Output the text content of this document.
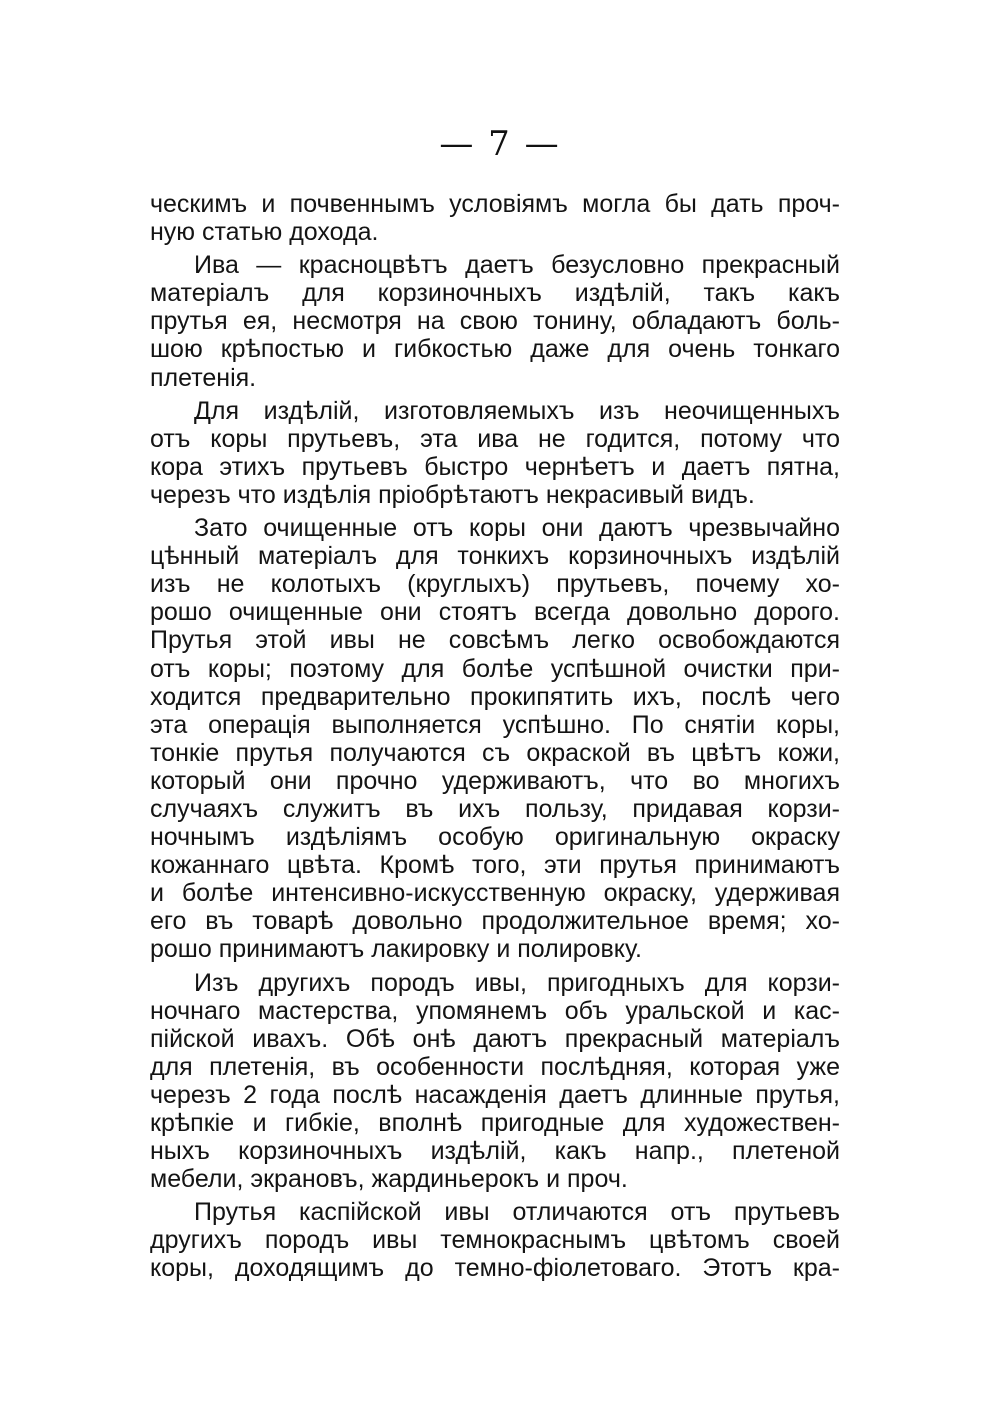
— 7 —
ческимъ и почвеннымъ условіямъ могла бы дать проч-
ную статью дохода.
Ива — красноцвѣтъ даетъ безусловно прекрасный
матеріалъ для корзиночныхъ издѣлій, такъ какъ
прутья ея, несмотря на свою тонину, обладаютъ боль-
шою крѣпостью и гибкостью даже для очень тонкаго
плетенія.
Для издѣлій, изготовляемыхъ изъ неочищенныхъ
отъ коры прутьевъ, эта ива не годится, потому что
кора этихъ прутьевъ быстро чернѣетъ и даетъ пятна,
черезъ что издѣлія пріобрѣтаютъ некрасивый видъ.
Зато очищенные отъ коры они даютъ чрезвычайно
цѣнный матеріалъ для тонкихъ корзиночныхъ издѣлій
изъ не колотыхъ (круглыхъ) прутьевъ, почему хо-
рошо очищенные они стоятъ всегда довольно дорого.
Прутья этой ивы не совсѣмъ легко освобождаются
отъ коры; поэтому для болѣе успѣшной очистки при-
ходится предварительно прокипятить ихъ, послѣ чего
эта операція выполняется успѣшно. По снятіи коры,
тонкіе прутья получаются съ окраской въ цвѣтъ кожи,
который они прочно удерживаютъ, что во многихъ
случаяхъ служитъ въ ихъ пользу, придавая корзи-
ночнымъ издѣліямъ особую оригинальную окраску
кожаннаго цвѣта. Кромѣ того, эти прутья принимаютъ
и болѣе интенсивно-искусственную окраску, удерживая
его въ товарѣ довольно продолжительное время; хо-
рошо принимаютъ лакировку и полировку.
Изъ другихъ породъ ивы, пригодныхъ для корзи-
ночнаго мастерства, упомянемъ объ уральской и кас-
пійской ивахъ. Обѣ онѣ даютъ прекрасный матеріалъ
для плетенія, въ особенности послѣдняя, которая уже
черезъ 2 года послѣ насажденія даетъ длинные прутья,
крѣпкіе и гибкіе, вполнѣ пригодные для художествен-
ныхъ корзиночныхъ издѣлій, какъ напр., плетеной
мебели, экрановъ, жардиньерокъ и проч.
Прутья каспійской ивы отличаются отъ прутьевъ
другихъ породъ ивы темнокраснымъ цвѣтомъ своей
коры, доходящимъ до темно-фіолетоваго. Этотъ кра-
